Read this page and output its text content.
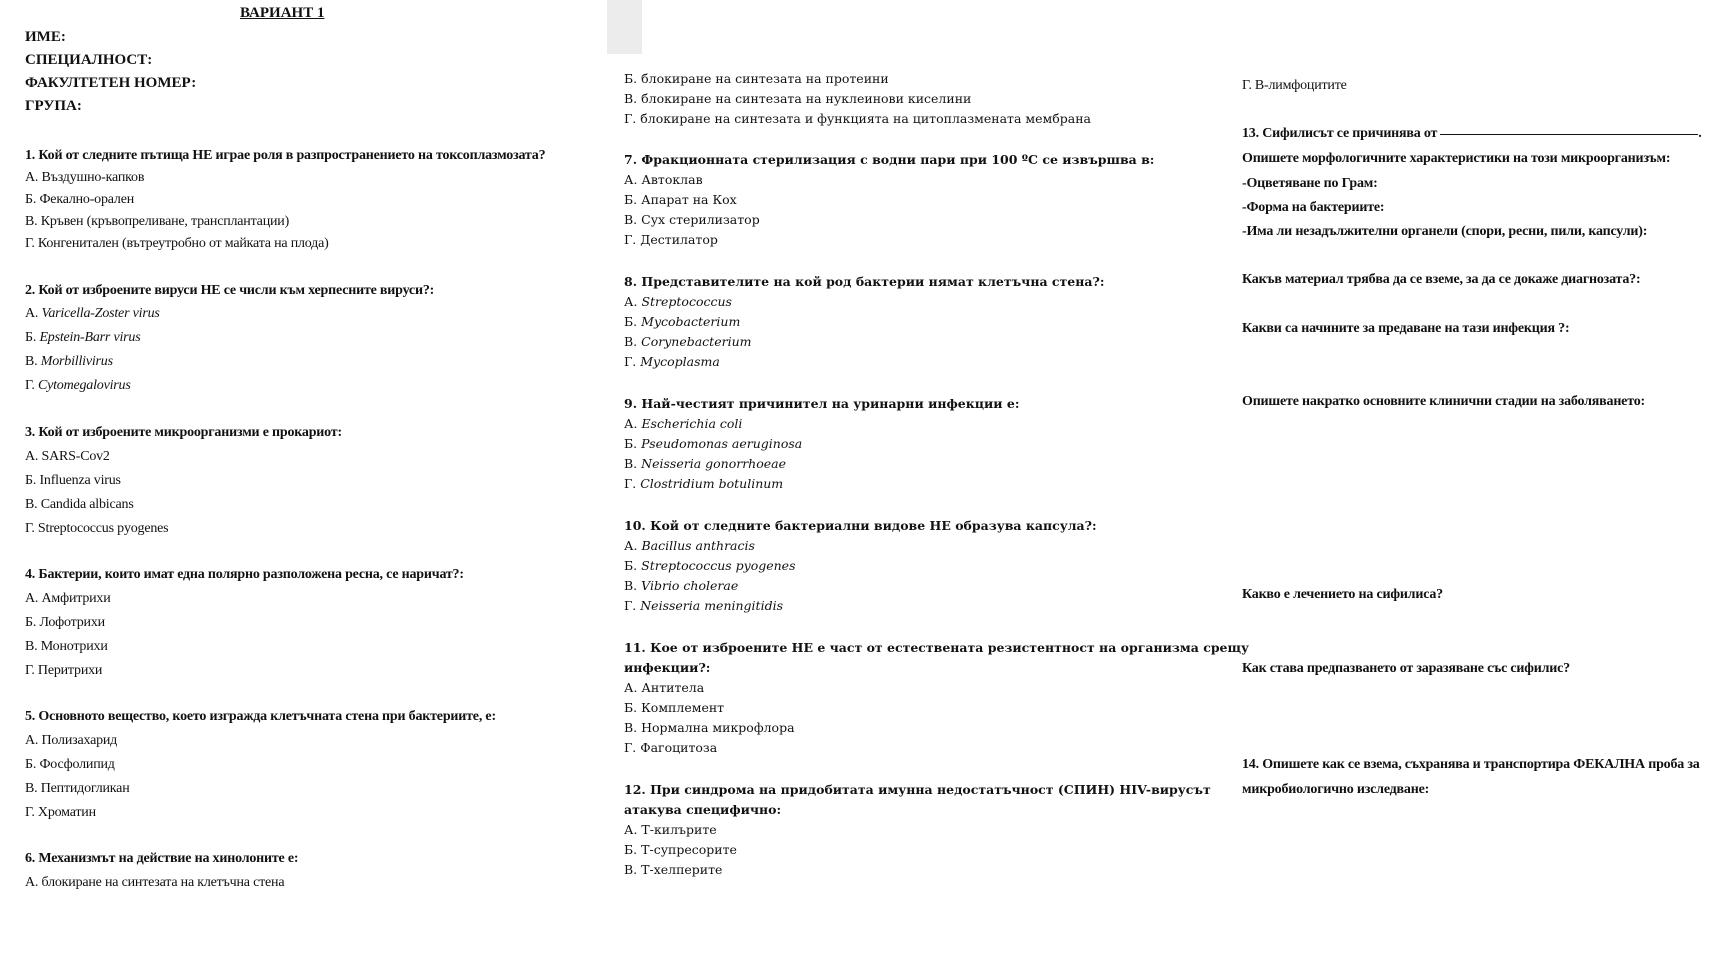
ВАРИАНТ 1
ИМЕ:
СПЕЦИАЛНОСТ:
ФАКУЛТЕТЕН НОМЕР:
ГРУПА:
1. Кой от следните пътища НЕ играе роля в разпространението на токсоплазмозата?
А. Въздушно-капков
Б. Фекално-орален
В. Кръвен (кръвопреливане, трансплантации)
Г. Конгенитален (вътреутробно от майката на плода)
2. Кой от изброените вируси НЕ се числи към херпесните вируси?:
А. Varicella-Zoster virus
Б. Epstein-Barr virus
В. Morbillivirus
Г. Cytomegalovirus
3. Кой от изброените микроорганизми е прокариот:
А. SARS-Cov2
Б. Influenza virus
В. Candida albicans
Г. Streptococcus pyogenes
4. Бактерии, които имат една полярно разположена ресна, се наричат?:
А. Амфитрихи
Б. Лофотрихи
В. Монотрихи
Г. Перитрихи
5. Основното вещество, което изгражда клетъчната стена при бактериите, е:
А. Полизахарид
Б. Фосфолипид
В. Пептидогликан
Г. Хроматин
6. Механизмът на действие на хинолоните е:
А. блокиране на синтезата на клетъчна стена
Б. блокиране на синтезата на протеини
В. блокиране на синтезата на нуклеинови киселини
Г. блокиране на синтезата и функцията на цитоплазмената мембрана
7. Фракционната стерилизация с водни пари при 100 ºC се извършва в:
А. Автоклав
Б. Апарат на Кох
В. Сух стерилизатор
Г. Дестилатор
8. Представителите на кой род бактерии нямат клетъчна стена?:
А. Streptococcus
Б. Mycobacterium
В. Corynebacterium
Г. Mycoplasma
9. Най-честият причинител на уринарни инфекции е:
А. Escherichia coli
Б. Pseudomonas aeruginosa
В. Neisseria gonorrhoeae
Г. Clostridium botulinum
10. Кой от следните бактериални видове НЕ образува капсула?:
А. Bacillus anthracis
Б. Streptococcus pyogenes
В. Vibrio cholerae
Г. Neisseria meningitidis
11. Кое от изброените НЕ е част от естествената резистентност на организма срещу
инфекции?:
А. Антитела
Б. Комплемент
В. Нормална микрофлора
Г. Фагоцитоза
12. При синдрома на придобитата имунна недостатъчност (СПИН) HIV-вирусът
атакува специфично:
А. Т-килърите
Б. Т-супресорите
В. Т-хелперите
Г. В-лимфоцитите
13. Сифилисът се причинява от	.
Опишете морфологичните характеристики на този микроорганизъм:
-Оцветяване по Грам:
-Форма на бактериите:
-Има ли незадължителни органели (спори, ресни, пили, капсули):
Какъв материал трябва да се вземе, за да се докаже диагнозата?:
Какви са начините за предаване на тази инфекция ?:
Опишете накратко основните клинични стадии на заболяването:
Какво е лечението на сифилиса?
Как става предпазването от заразяване със сифилис?
14. Опишете как се взема, съхранява и транспортира ФЕКАЛНА проба за
микробиологично изследване:
